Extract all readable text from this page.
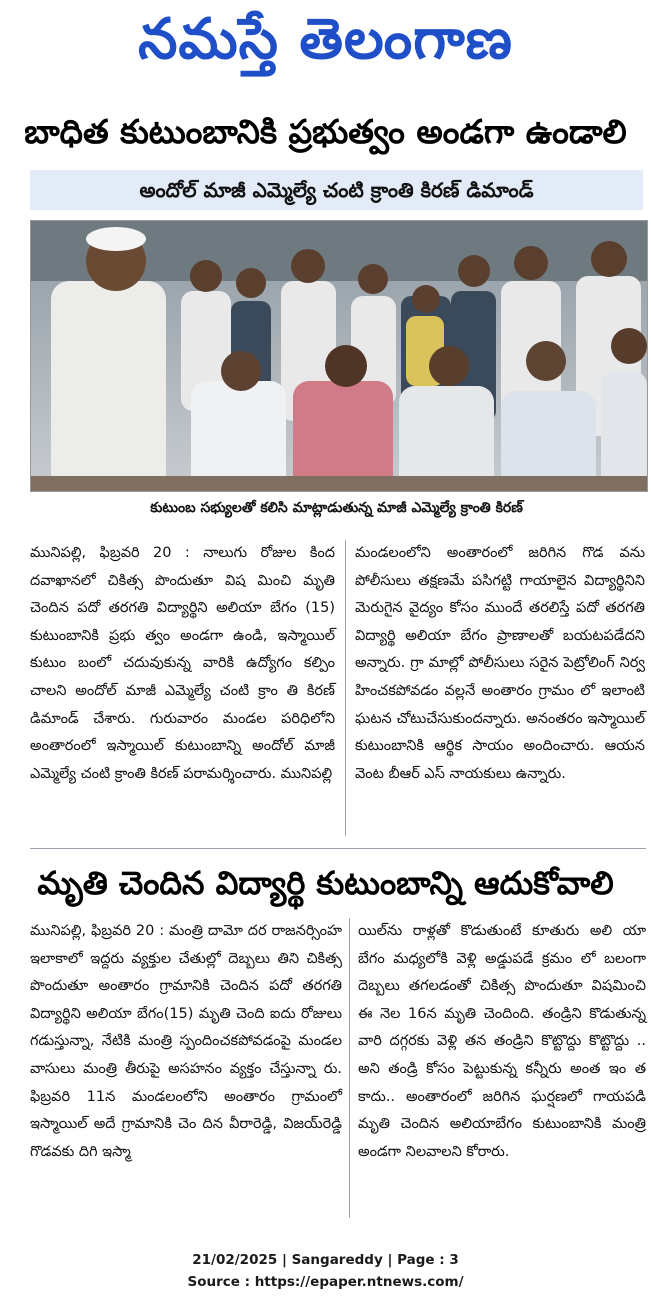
నమస్తే తెలంగాణ
బాధిత కుటుంబానికి ప్రభుత్వం అండగా ఉండాలి
అందోల్ మాజీ ఎమ్మెల్యే చంటి క్రాంతి కిరణ్ డిమాండ్
కుటుంబ సభ్యులతో కలిసి మాట్లాడుతున్న మాజీ ఎమ్మెల్యే క్రాంతి కిరణ్

మునిపల్లి, ఫిబ్రవరి 20 : నాలుగు రోజుల కింద దవాఖానలో చికిత్స పొందుతూ విష మించి మృతి చెందిన పదో తరగతి విద్యార్థిని అలియా బేగం (15) కుటుంబానికి ప్రభు త్వం అండగా ఉండి, ఇస్మాయిల్ కుటుం బంలో చదువుకున్న వారికి ఉద్యోగం కల్పిం చాలని అందోల్ మాజీ ఎమ్మెల్యే చంటి క్రాం తి కిరణ్ డిమాండ్ చేశారు. గురువారం మండల పరిధిలోని అంతారంలో ఇస్మాయిల్ కుటుంబాన్ని అందోల్ మాజీ ఎమ్మెల్యే చంటి క్రాంతి కిరణ్ పరామర్శించారు. మునిపల్లి

మండలంలోని అంతారంలో జరిగిన గొడ వను పోలీసులు తక్షణమే పసిగట్టి గాయాలైన విద్యార్థినిని మెరుగైన వైద్యం కోసం ముందే తరలిస్తే పదో తరగతి విద్యార్థి అలియా బేగం ప్రాణాలతో బయటపడేదని అన్నారు. గ్రా మాల్లో పోలీసులు సరైన పెట్రోలింగ్ నిర్వ హించకపోవడం వల్లనే అంతారం గ్రామం లో ఇలాంటి ఘటన చోటుచేసుకుందన్నారు. అనంతరం ఇస్మాయిల్ కుటుంబానికి ఆర్థిక సాయం అందించారు. ఆయన వెంట బీఆర్ ఎస్ నాయకులు ఉన్నారు.

మృతి చెందిన విద్యార్థి కుటుంబాన్ని ఆదుకోవాలి

మునిపల్లి, ఫిబ్రవరి 20 : మంత్రి దామో దర రాజనర్సింహ ఇలాకాలో ఇద్దరు వ్యక్తుల చేతుల్లో దెబ్బలు తిని చికిత్స పొందుతూ అంతారం గ్రామానికి చెందిన పదో తరగతి విద్యార్థిని అలియా బేగం(15) మృతి చెంది ఐదు రోజులు గడుస్తున్నా, నేటికి మంత్రి స్పందించకపోవడంపై మండల వాసులు మంత్రి తీరుపై అసహనం వ్యక్తం చేస్తున్నా రు. ఫిబ్రవరి 11న మండలంలోని అంతారం గ్రామంలో ఇస్మాయిల్ అదే గ్రామానికి చెం దిన వీరారెడ్డి, విజయ్‌రెడ్డి గొడవకు దిగి ఇస్మా

యిల్‌ను రాళ్లతో కొడుతుంటే కూతురు అలి యా బేగం మధ్యలోకి వెళ్లి అడ్డుపడే క్రమం లో బలంగా దెబ్బలు తగలడంతో చికిత్స పొందుతూ విషమించి ఈ నెల 16న మృతి చెందింది. తండ్రిని కొడుతున్న వారి దగ్గరకు వెళ్లి తన తండ్రిని కొట్టొద్దు కొట్టొద్దు .. అని తండ్రి కోసం పెట్టుకున్న కన్నీరు అంత ఇం త కాదు.. అంతారంలో జరిగిన ఘర్షణలో గాయపడి మృతి చెందిన అలియాబేగం కుటుంబానికి మంత్రి అండగా నిలవాలని కోరారు.

21/02/2025 | Sangareddy | Page : 3
Source : https://epaper.ntnews.com/
